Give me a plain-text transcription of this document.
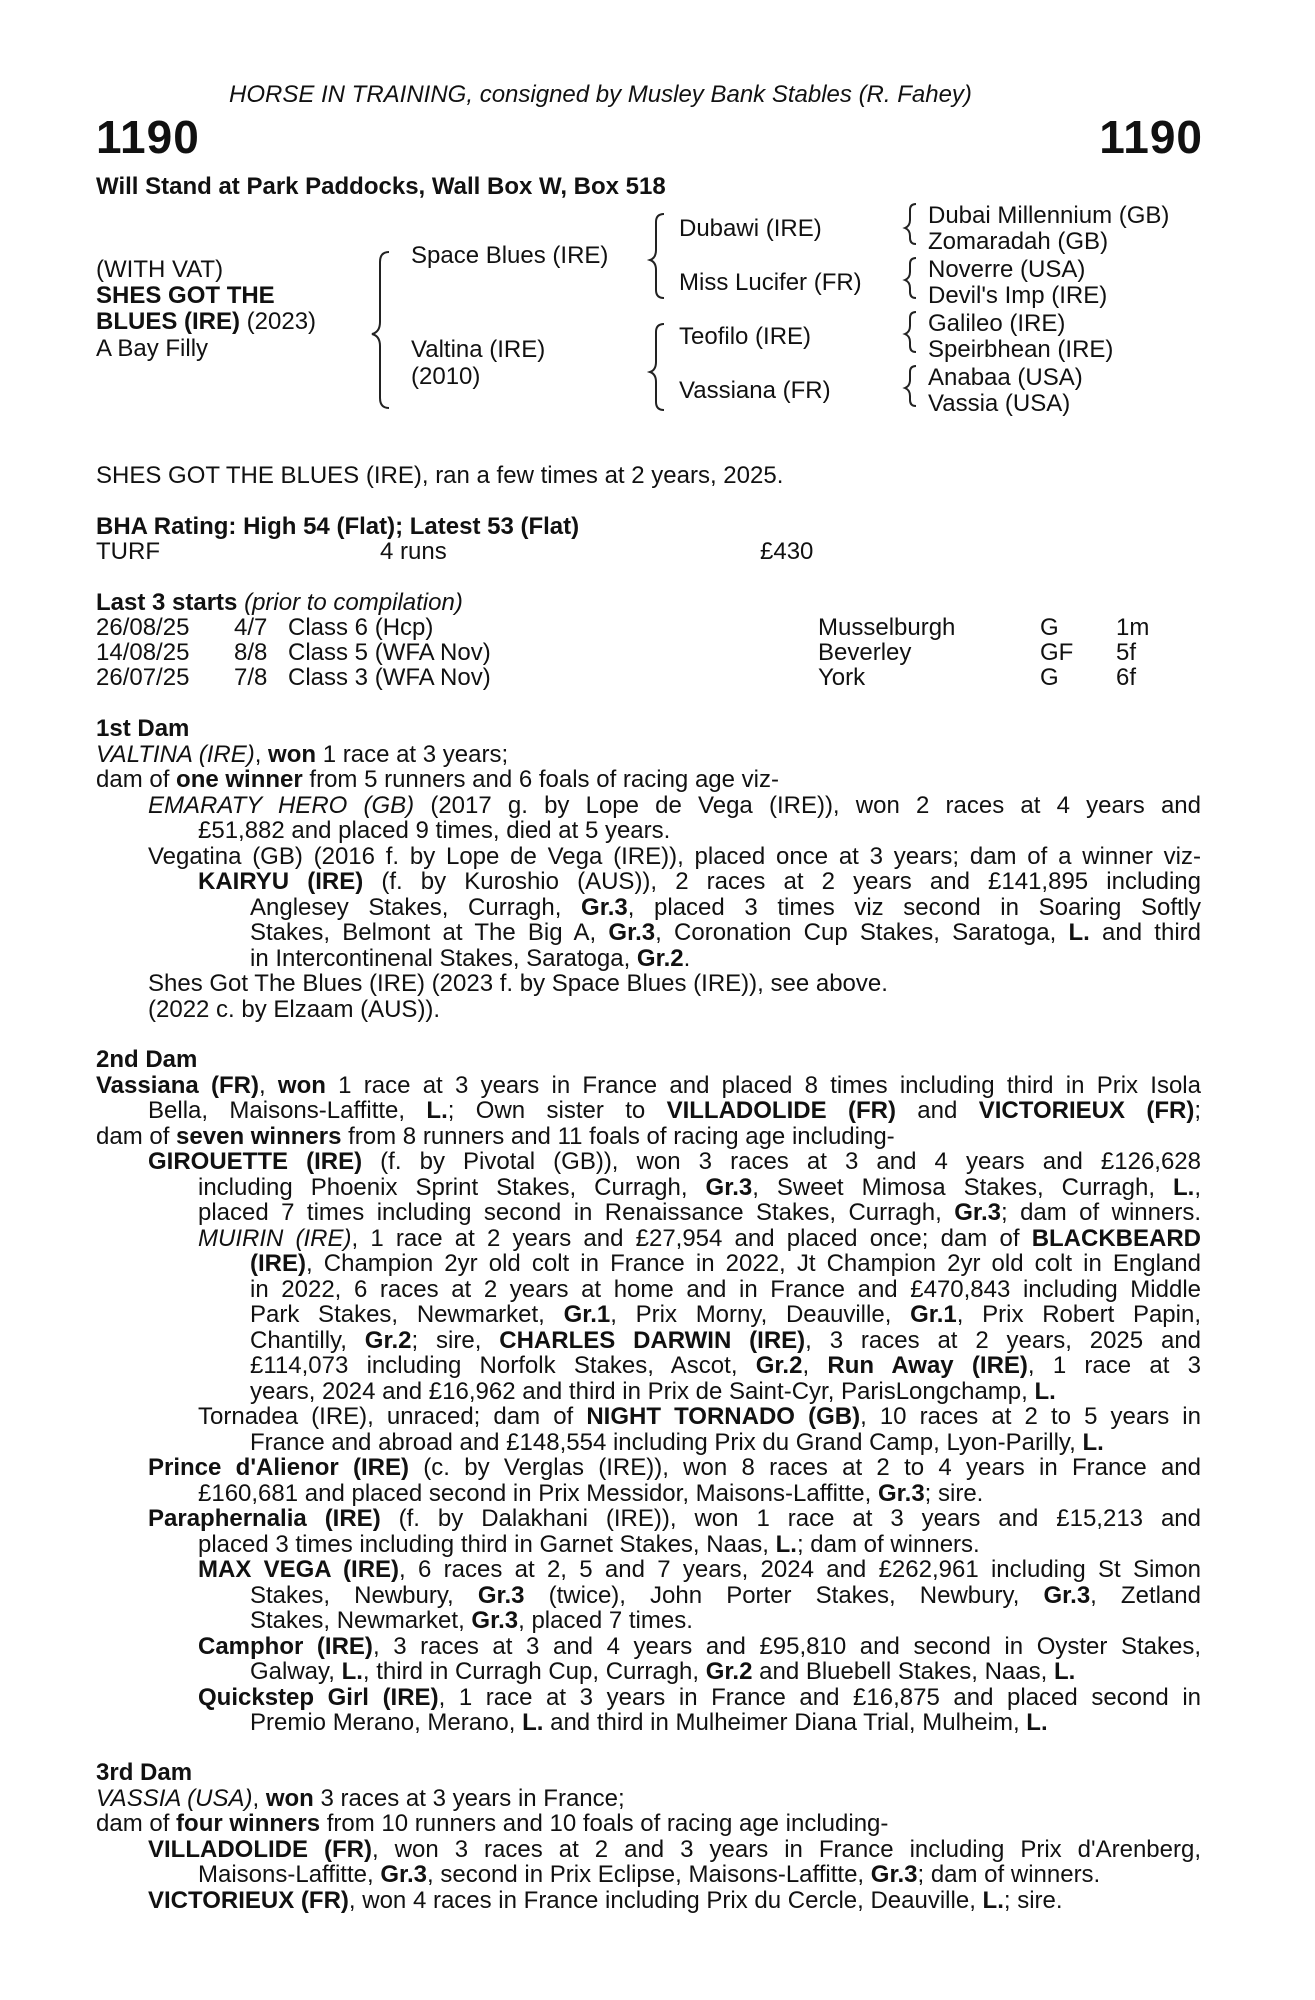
HORSE IN TRAINING, consigned by Musley Bank Stables (R. Fahey)
1190	1190
Will Stand at Park Paddocks, Wall Box W, Box 518
(WITH VAT)
SHES GOT THE
BLUES (IRE) (2023)
A Bay Filly
Space Blues (IRE)
Valtina (IRE)
(2010)
Dubawi (IRE)
Miss Lucifer (FR)
Teofilo (IRE)
Vassiana (FR)
Dubai Millennium (GB)
Zomaradah (GB)
Noverre (USA)
Devil's Imp (IRE)
Galileo (IRE)
Speirbhean (IRE)
Anabaa (USA)
Vassia (USA)
SHES GOT THE BLUES (IRE), ran a few times at 2 years, 2025.
BHA Rating: High 54 (Flat); Latest 53 (Flat)
TURF	4 runs	£430
Last 3 starts (prior to compilation)
26/08/25 4/7 Class 6 (Hcp)	Musselburgh	G 1m
14/08/25 8/8 Class 5 (WFA Nov)	Beverley	GF 5f
26/07/25 7/8 Class 3 (WFA Nov)	York	G 6f

1st Dam

VALTINA (IRE), won 1 race at 3 years;

dam of one winner from 5 runners and 6 foals of racing age viz-

EMARATY HERO (GB) (2017 g. by Lope de Vega (IRE)), won 2 races at 4 years and

£51,882 and placed 9 times, died at 5 years.

Vegatina (GB) (2016 f. by Lope de Vega (IRE)), placed once at 3 years; dam of a winner viz-

KAIRYU (IRE) (f. by Kuroshio (AUS)), 2 races at 2 years and £141,895 including

Anglesey Stakes, Curragh, Gr.3, placed 3 times viz second in Soaring Softly

Stakes, Belmont at The Big A, Gr.3, Coronation Cup Stakes, Saratoga, L. and third

in Intercontinenal Stakes, Saratoga, Gr.2.

Shes Got The Blues (IRE) (2023 f. by Space Blues (IRE)), see above.

(2022 c. by Elzaam (AUS)).

2nd Dam

Vassiana (FR), won 1 race at 3 years in France and placed 8 times including third in Prix Isola

Bella, Maisons-Laffitte, L.; Own sister to VILLADOLIDE (FR) and VICTORIEUX (FR);

dam of seven winners from 8 runners and 11 foals of racing age including-

GIROUETTE (IRE) (f. by Pivotal (GB)), won 3 races at 3 and 4 years and £126,628

including Phoenix Sprint Stakes, Curragh, Gr.3, Sweet Mimosa Stakes, Curragh, L.,

placed 7 times including second in Renaissance Stakes, Curragh, Gr.3; dam of winners.

MUIRIN (IRE), 1 race at 2 years and £27,954 and placed once; dam of BLACKBEARD

(IRE), Champion 2yr old colt in France in 2022, Jt Champion 2yr old colt in England

in 2022, 6 races at 2 years at home and in France and £470,843 including Middle

Park Stakes, Newmarket, Gr.1, Prix Morny, Deauville, Gr.1, Prix Robert Papin,

Chantilly, Gr.2; sire, CHARLES DARWIN (IRE), 3 races at 2 years, 2025 and

£114,073 including Norfolk Stakes, Ascot, Gr.2, Run Away (IRE), 1 race at 3

years, 2024 and £16,962 and third in Prix de Saint-Cyr, ParisLongchamp, L.

Tornadea (IRE), unraced; dam of NIGHT TORNADO (GB), 10 races at 2 to 5 years in

France and abroad and £148,554 including Prix du Grand Camp, Lyon-Parilly, L.

Prince d'Alienor (IRE) (c. by Verglas (IRE)), won 8 races at 2 to 4 years in France and

£160,681 and placed second in Prix Messidor, Maisons-Laffitte, Gr.3; sire.

Paraphernalia (IRE) (f. by Dalakhani (IRE)), won 1 race at 3 years and £15,213 and

placed 3 times including third in Garnet Stakes, Naas, L.; dam of winners.

MAX VEGA (IRE), 6 races at 2, 5 and 7 years, 2024 and £262,961 including St Simon

Stakes, Newbury, Gr.3 (twice), John Porter Stakes, Newbury, Gr.3, Zetland

Stakes, Newmarket, Gr.3, placed 7 times.

Camphor (IRE), 3 races at 3 and 4 years and £95,810 and second in Oyster Stakes,

Galway, L., third in Curragh Cup, Curragh, Gr.2 and Bluebell Stakes, Naas, L.

Quickstep Girl (IRE), 1 race at 3 years in France and £16,875 and placed second in

Premio Merano, Merano, L. and third in Mulheimer Diana Trial, Mulheim, L.

3rd Dam

VASSIA (USA), won 3 races at 3 years in France;

dam of four winners from 10 runners and 10 foals of racing age including-

VILLADOLIDE (FR), won 3 races at 2 and 3 years in France including Prix d'Arenberg,

Maisons-Laffitte, Gr.3, second in Prix Eclipse, Maisons-Laffitte, Gr.3; dam of winners.

VICTORIEUX (FR), won 4 races in France including Prix du Cercle, Deauville, L.; sire.
